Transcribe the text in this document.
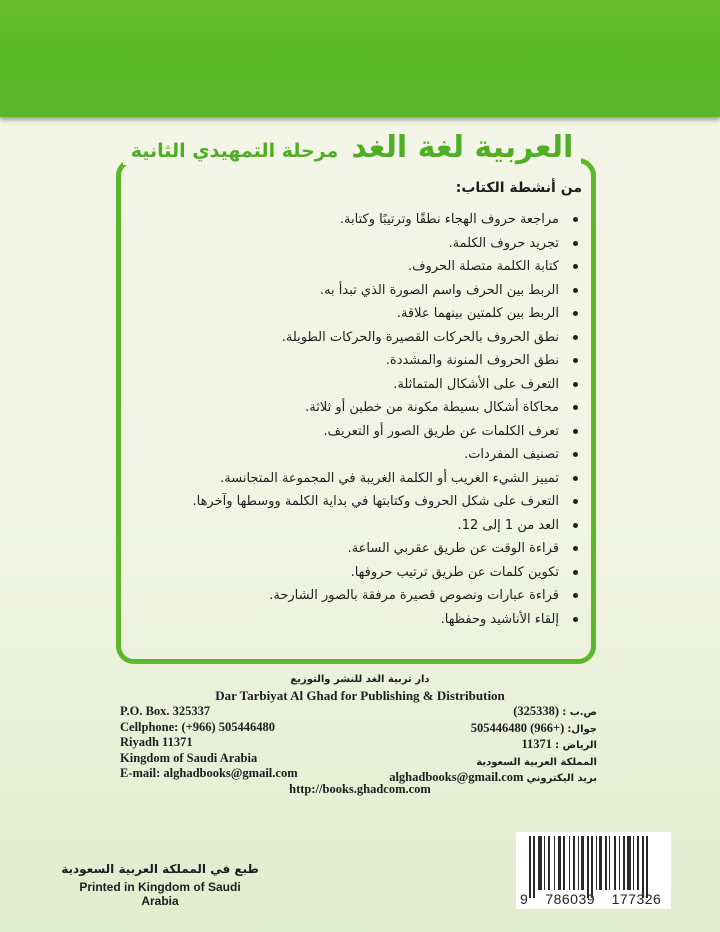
العربية لغة الغد مرحلة التمهيدي الثانية
من أنشطة الكتاب:
مراجعة حروف الهجاء نطقًا وترتيبًا وكتابة.
تجريد حروف الكلمة.
كتابة الكلمة متصلة الحروف.
الربط بين الحرف واسم الصورة الذي تبدأ به.
الربط بين كلمتين بينهما علاقة.
نطق الحروف بالحركات القصيرة والحركات الطويلة.
نطق الحروف المنونة والمشددة.
التعرف على الأشكال المتماثلة.
محاكاة أشكال بسيطة مكونة من خطين أو ثلاثة.
تعرف الكلمات عن طريق الصور أو التعريف.
تصنيف المفردات.
تمييز الشيء الغريب أو الكلمة الغريبة في المجموعة المتجانسة.
التعرف على شكل الحروف وكتابتها في بداية الكلمة ووسطها وآخرها.
العد من 1 إلى 12.
قراءة الوقت عن طريق عقربي الساعة.
تكوين كلمات عن طريق ترتيب حروفها.
قراءة عبارات ونصوص قصيرة مرفقة بالصور الشارحة.
إلقاء الأناشيد وحفظها.
دار تربية الغد للنشر والتوزيع
Dar Tarbiyat Al Ghad for Publishing & Distribution
P.O. Box. 325337
Cellphone: (+966) 505446480
Riyadh 11371
Kingdom of Saudi Arabia
E-mail: alghadbooks@gmail.com
ص.ب : (325338)
جوال: 505446480 (966+)
الرياض : 11371
المملكة العربية السعودية
بريد اليكتروني alghadbooks@gmail.com
http://books.ghadcom.com
طبع في المملكة العربية السعودية
Printed in Kingdom of Saudi Arabia	9	786039	177326
